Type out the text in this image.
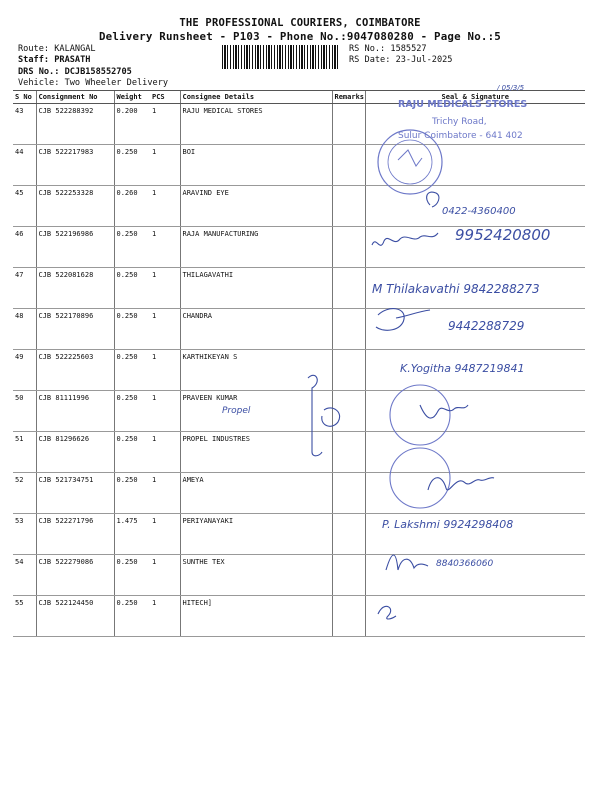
THE PROFESSIONAL COURIERS, COIMBATORE
Delivery Runsheet - P103 - Phone No.:9047080280 - Page No.:5
Route: KALANGAL
Staff: PRASATH
DRS No.: DCJB158552705
Vehicle: Two Wheeler Delivery
RS No.: 1585527
RS Date: 23-Jul-2025
S No	Consignment No	Weight	PCS	Consignee Details	Remarks	Seal & Signature
43	CJB 522288392	0.200	1	RAJU MEDICAL STORES		
44	CJB 522217983	0.250	1	BOI		
45	CJB 522253328	0.260	1	ARAVIND EYE		
46	CJB 522196986	0.250	1	RAJA MANUFACTURING		
47	CJB 522081628	0.250	1	THILAGAVATHI		
48	CJB 522170896	0.250	1	CHANDRA		
49	CJB 522225603	0.250	1	KARTHIKEYAN S		
50	CJB 81111996	0.250	1	PRAVEEN KUMAR		
51	CJB 81296626	0.250	1	PROPEL INDUSTRES		
52	CJB 521734751	0.250	1	AMEYA		
53	CJB 522271796	1.475	1	PERIYANAYAKI		
54	CJB 522279086	0.250	1	SUNTHE TEX		
55	CJB 522124450	0.250	1	HITECH]		
/ 05/3/5
RAJU MEDICALS STORES
Trichy Road,
Sulur Coimbatore - 641 402
0422-4360400
9952420800
M Thilakavathi 9842288273
9442288729
K.Yogitha 9487219841
Propel
P. Lakshmi 9924298408
8840366060
